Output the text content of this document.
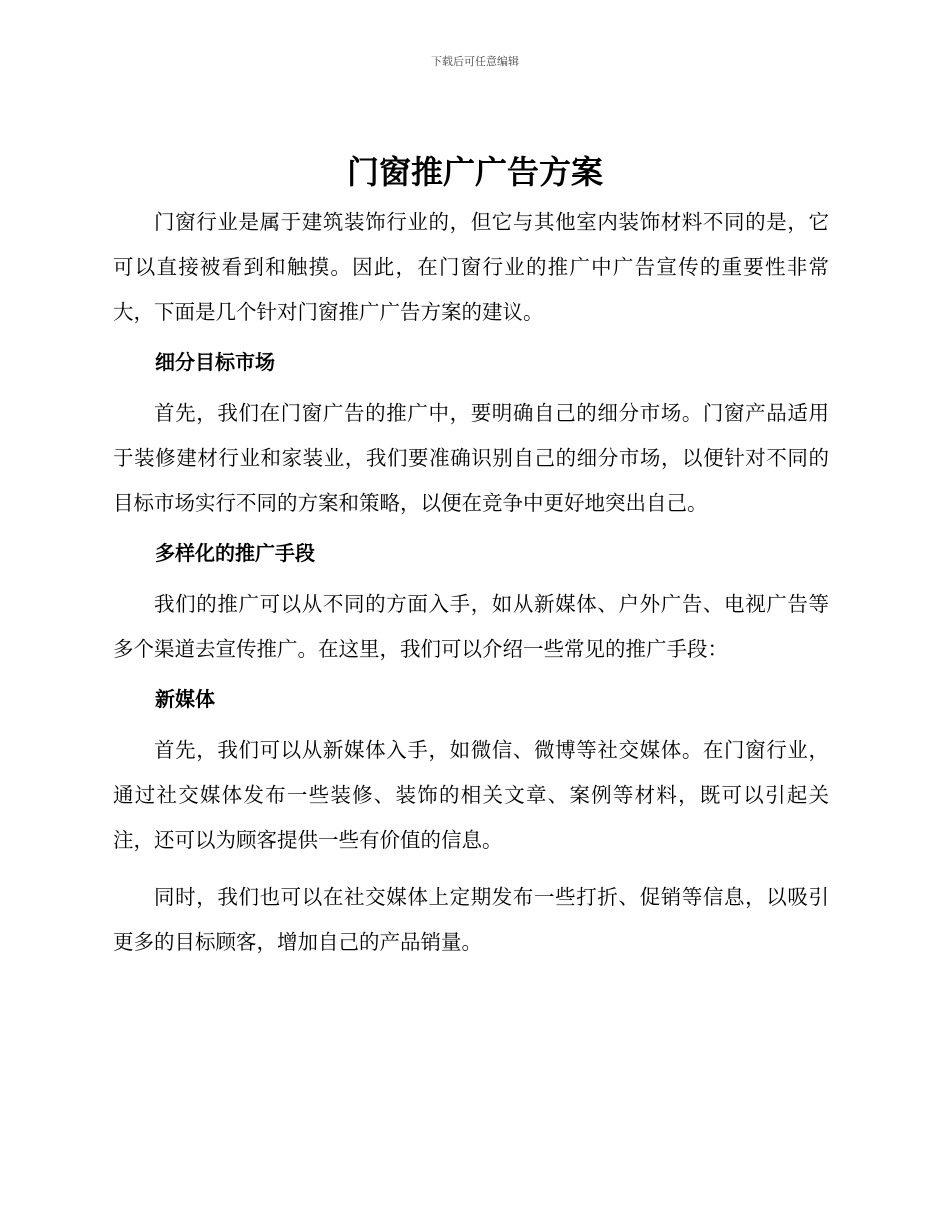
下载后可任意编辑
门窗推广广告方案

门窗行业是属于建筑装饰行业的，但它与其他室内装饰材料不同的是，它可以直接被看到和触摸。因此，在门窗行业的推广中广告宣传的重要性非常大，下面是几个针对门窗推广广告方案的建议。

细分目标市场

首先，我们在门窗广告的推广中，要明确自己的细分市场。门窗产品适用于装修建材行业和家装业，我们要准确识别自己的细分市场，以便针对不同的目标市场实行不同的方案和策略，以便在竞争中更好地突出自己。

多样化的推广手段

我们的推广可以从不同的方面入手，如从新媒体、户外广告、电视广告等多个渠道去宣传推广。在这里，我们可以介绍一些常见的推广手段：

新媒体

首先，我们可以从新媒体入手，如微信、微博等社交媒体。在门窗行业，通过社交媒体发布一些装修、装饰的相关文章、案例等材料，既可以引起关注，还可以为顾客提供一些有价值的信息。

同时，我们也可以在社交媒体上定期发布一些打折、促销等信息，以吸引更多的目标顾客，增加自己的产品销量。
